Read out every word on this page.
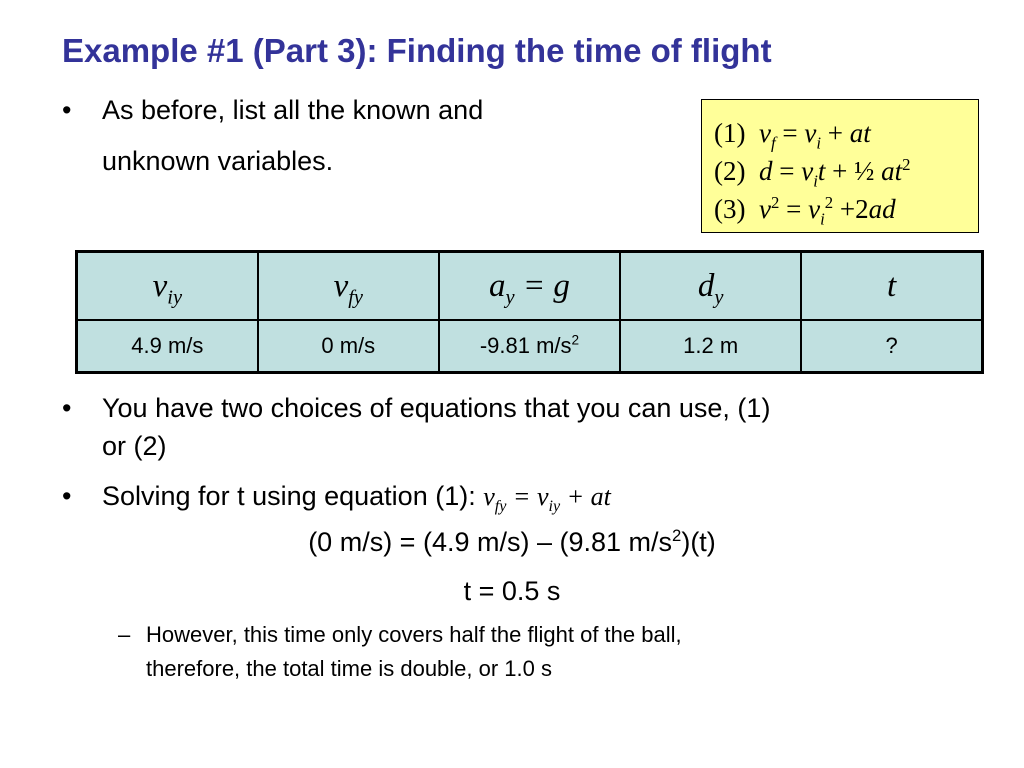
Example #1 (Part 3): Finding the time of flight
• As before, list all the known and
unknown variables.
(1) $v_f = v_i$ + at
(2) $d = v_it$ + ½ $at^2$
(3) $v^2 = v_i^2 +2ad$
$v_{iy}$	$v_{fy}$	$a_y = g$	$d_y$	t
4.9 m/s	0 m/s	-9.81 $m/s^2$	1.2 m	?
• You have two choices of equations that you can use, (1)
or (2)
• Solving for t using equation (1): $v_{fy} = v_{iy}$ + at
(0 m/s) = (4.9 m/s) – (9.81 $m/s^2)(t)$
t = 0.5 s
– However, this time only covers half the flight of the ball,
therefore, the total time is double, or 1.0 s
